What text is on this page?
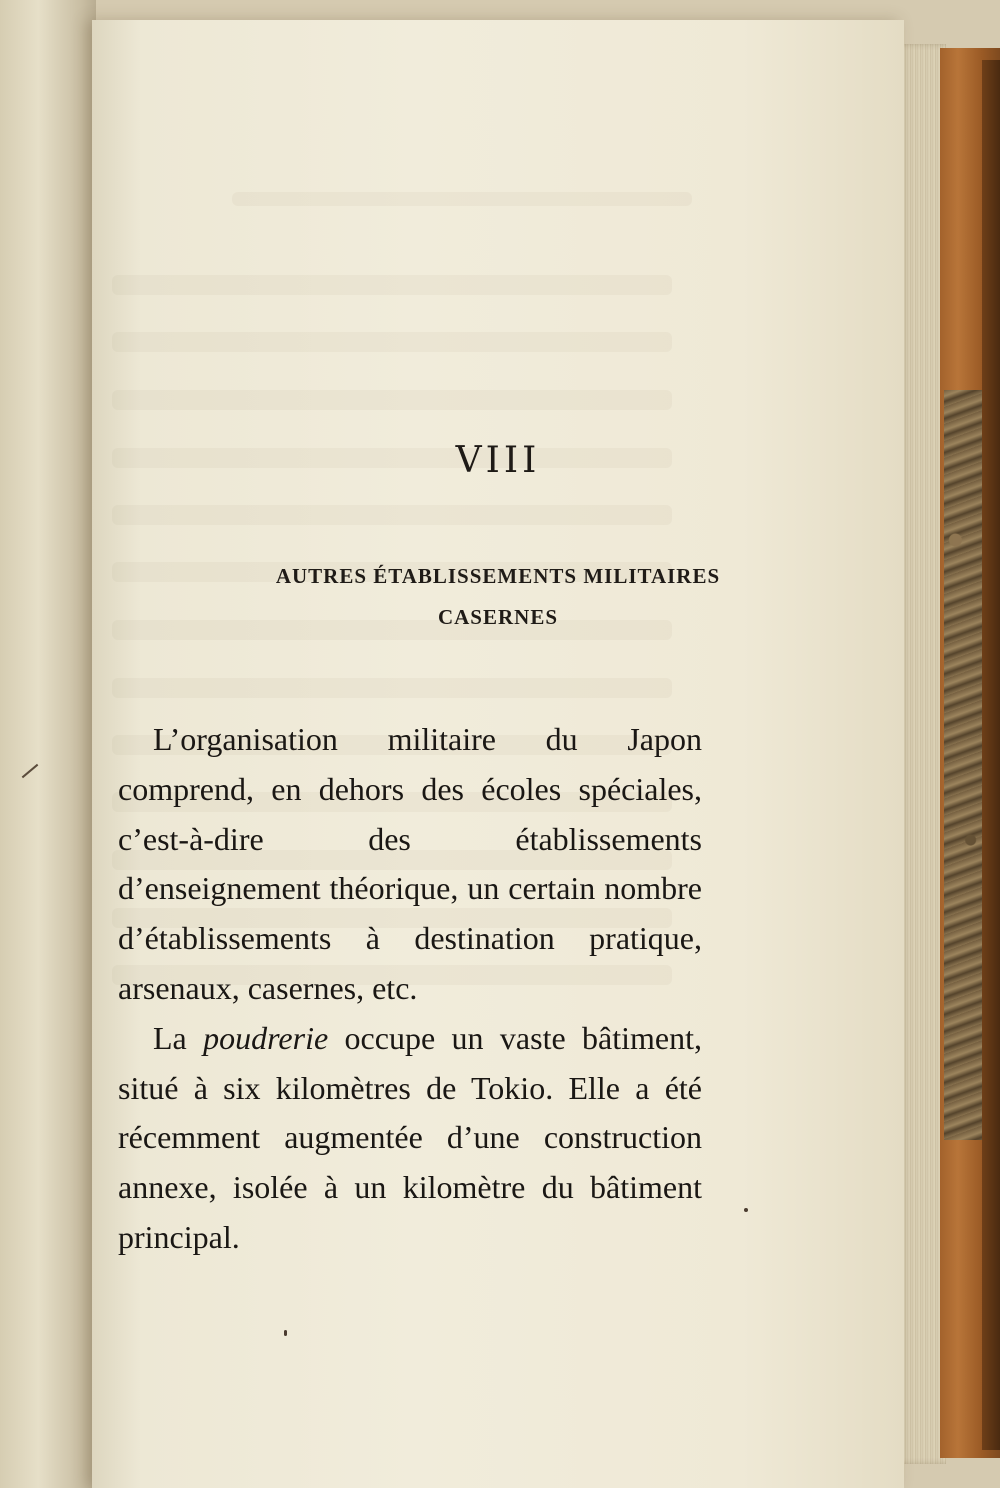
VIII
AUTRES ÉTABLISSEMENTS MILITAIRES
CASERNES

L’organisation militaire du Japon comprend, en dehors des écoles spéciales, c’est-à-dire des établissements d’enseignement théorique, un certain nombre d’établissements à destination pratique, arsenaux, casernes, etc.

La poudrerie occupe un vaste bâtiment, situé à six kilomètres de Tokio. Elle a été récemment augmentée d’une construction annexe, isolée à un kilomètre du bâtiment principal.
